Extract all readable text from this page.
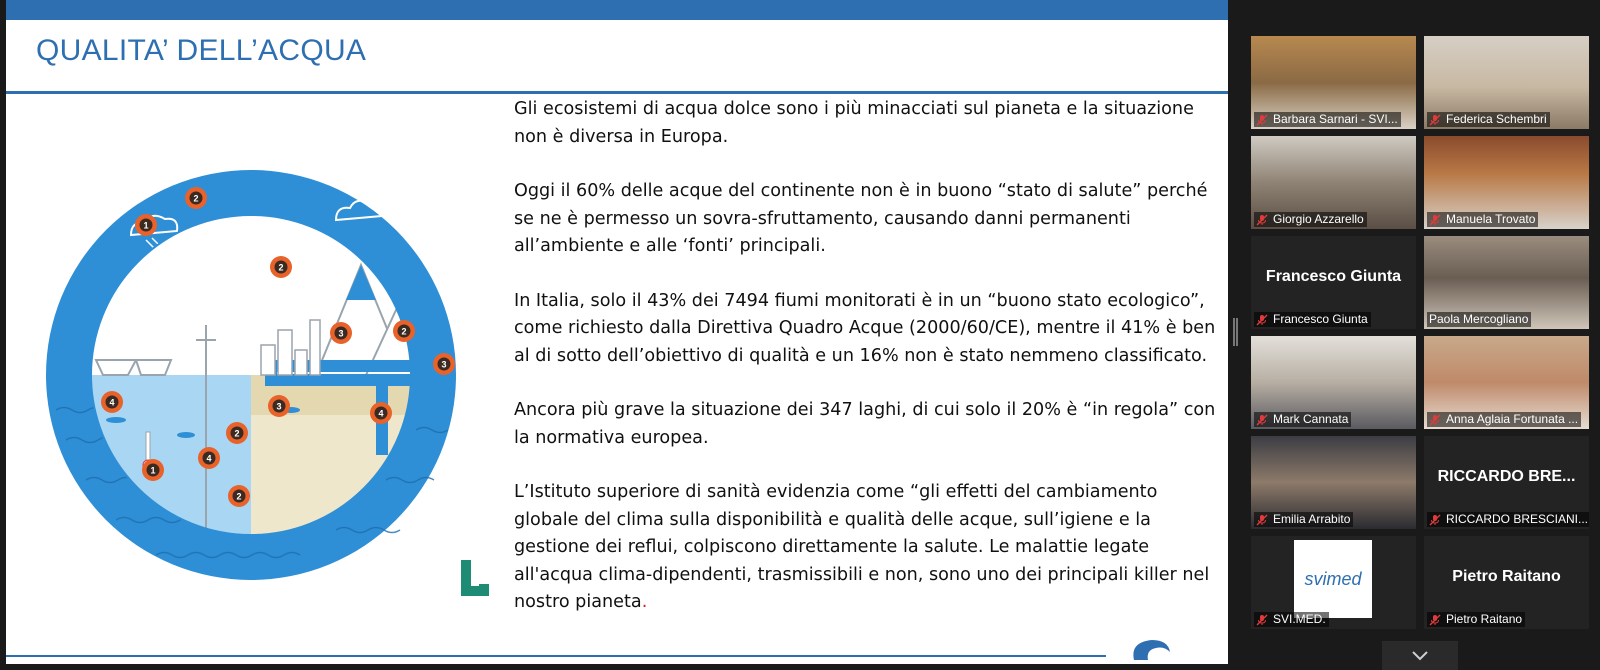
QUALITA’ DELL’ACQUA
1
2
2
3	2
3
3
4
4
1
4
2
2

Gli ecosistemi di acqua dolce sono i più minacciati sul pianeta e la situazione non è diversa in Europa.

Oggi il 60% delle acque del continente non è in buono “stato di salute” perché se ne è permesso un sovra-sfruttamento, causando danni permanenti all’ambiente e alle ‘fonti’ principali.

In Italia, solo il 43% dei 7494 fiumi monitorati è in un “buono stato ecologico”, come richiesto dalla Direttiva Quadro Acque (2000/60/CE), mentre il 41% è ben al di sotto dell’obiettivo di qualità e un 16% non è stato nemmeno classificato.

Ancora più grave la situazione dei 347 laghi, di cui solo il 20% è “in regola” con la normativa europea.

L’Istituto superiore di sanità evidenzia come “gli effetti del cambiamento globale del clima sulla disponibilità e qualità delle acque, sull’igiene e la gestione dei reflui, colpiscono direttamente la salute. Le malattie legate all'acqua clima-dipendenti, trasmissibili e non, sono uno dei principali killer nel nostro pianeta.

Barbara Sarnari - SVI...	Federica Schembri
Giorgio Azzarello	Manuela Trovato
Francesco Giunta
Francesco Giunta	Paola Mercogliano
Mark Cannata	Anna Aglaia Fortunata ...
Emilia Arrabito
RICCARDO BRE...
RICCARDO BRESCIANI...
svimed
SVI.MED.
Pietro Raitano
Pietro Raitano
